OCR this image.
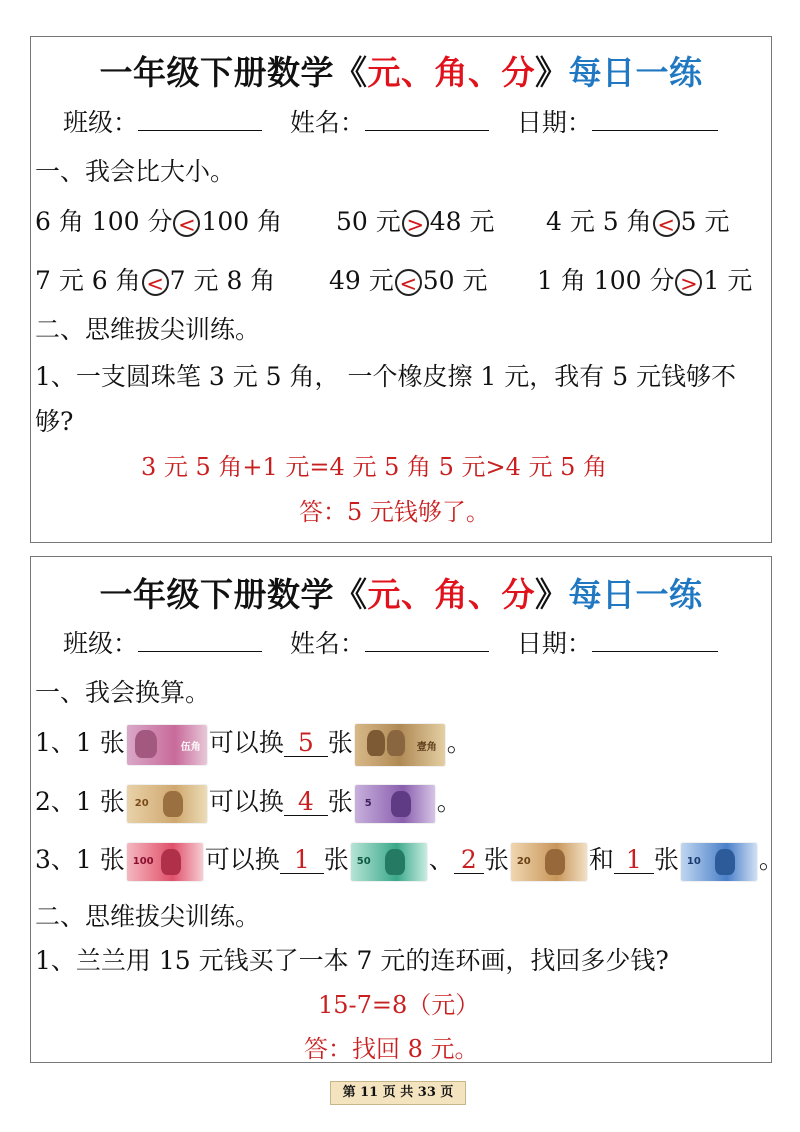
一年级下册数学《元、角、分》每日一练
班级：	姓名：	日期：
一、我会比大小。
6 角 100 分 < 100 角 50 元 > 48 元 4 元 5 角 < 5 元
7 元 6 角 < 7 元 8 角 49 元 < 50 元 1 角 100 分 > 1 元
二、思维拔尖训练。
1、一支圆珠笔 3 元 5 角， 一个橡皮擦 1 元，我有 5 元钱够不
够?
3 元 5 角+1 元=4 元 5 角 5 元>4 元 5 角
答：5 元钱够了。
一年级下册数学《元、角、分》每日一练
班级：	姓名：	日期：
一、我会换算。
1、1 张	伍角 可以换 5 张	壹角 。
2、1 张 20 可以换 4 张 5	。
3、1 张 100 可以换 1 张 50 、 2 张 20 和 1 张 10 。
二、思维拔尖训练。
1、兰兰用 15 元钱买了一本 7 元的连环画，找回多少钱?
15-7=8（元）
答：找回 8 元。
第 11 页 共 33 页
